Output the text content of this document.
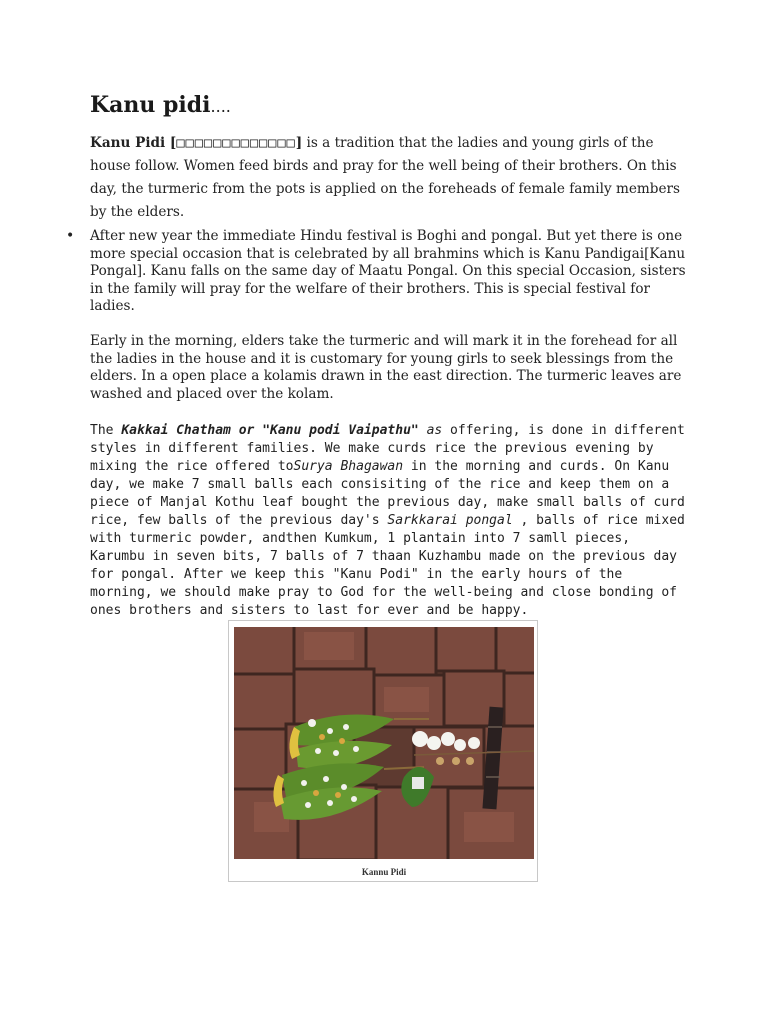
Kanu pidi....

Kanu Pidi [□□□□□□□□□□□□□] is a tradition that the ladies and young girls of the house follow. Women feed birds and pray for the well being of their brothers. On this day, the turmeric from the pots is applied on the foreheads of female family members by the elders.

• After new year the immediate Hindu festival is Boghi and pongal. But yet there is one more special occasion that is celebrated by all brahmins which is Kanu Pandigai[Kanu Pongal]. Kanu falls on the same day of Maatu Pongal. On this special Occasion, sisters in the family will pray for the welfare of their brothers. This is special festival for ladies.

Early in the morning, elders take the turmeric and will mark it in the forehead for all the ladies in the house and it is customary for young girls to seek blessings from the elders. In a open place a kolamis drawn in the east direction. The turmeric leaves are washed and placed over the kolam.

The Kakkai Chatham or "Kanu podi Vaipathu" as offering, is done in different styles in different families. We make curds rice the previous evening by mixing the rice offered toSurya Bhagawan in the morning and curds. On Kanu day, we make 7 small balls each consisiting of the rice and keep them on a piece of Manjal Kothu leaf bought the previous day, make small balls of curd rice, few balls of the previous day's Sarkkarai pongal , balls of rice mixed with turmeric powder, andthen Kumkum, 1 plantain into 7 samll pieces, Karumbu in seven bits, 7 balls of 7 thaan Kuzhambu made on the previous day for pongal. After we keep this "Kanu Podi" in the early hours of the morning, we should make pray to God for the well-being and close bonding of ones brothers and sisters to last for ever and be happy.

Kannu Pidi
